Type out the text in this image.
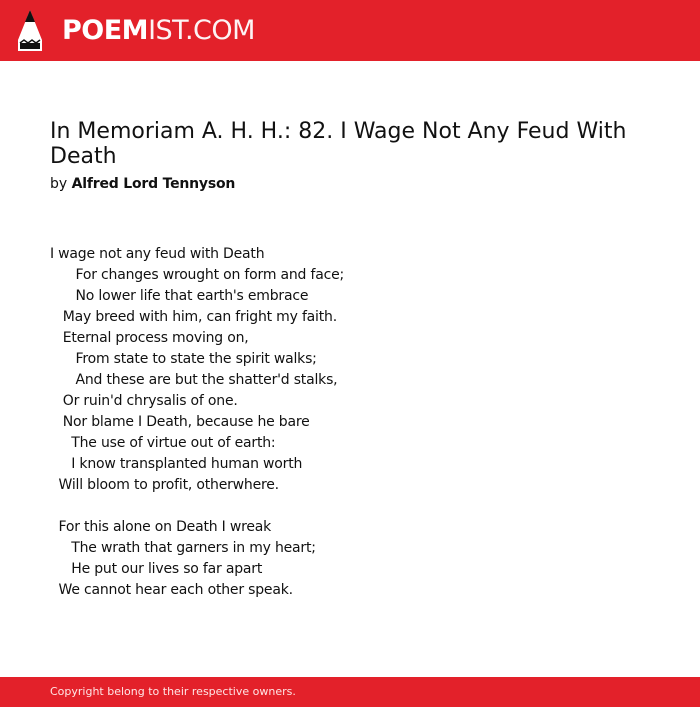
POEMIST.COM
In Memoriam A. H. H.: 82. I Wage Not Any Feud With Death
by Alfred Lord Tennyson
I wage not any feud with Death
For changes wrought on form and face;
No lower life that earth's embrace
May breed with him, can fright my faith.
Eternal process moving on,
From state to state the spirit walks;
And these are but the shatter'd stalks,
Or ruin'd chrysalis of one.
Nor blame I Death, because he bare
The use of virtue out of earth:
I know transplanted human worth
Will bloom to profit, otherwhere.
For this alone on Death I wreak
The wrath that garners in my heart;
He put our lives so far apart
We cannot hear each other speak.
Copyright belong to their respective owners.
